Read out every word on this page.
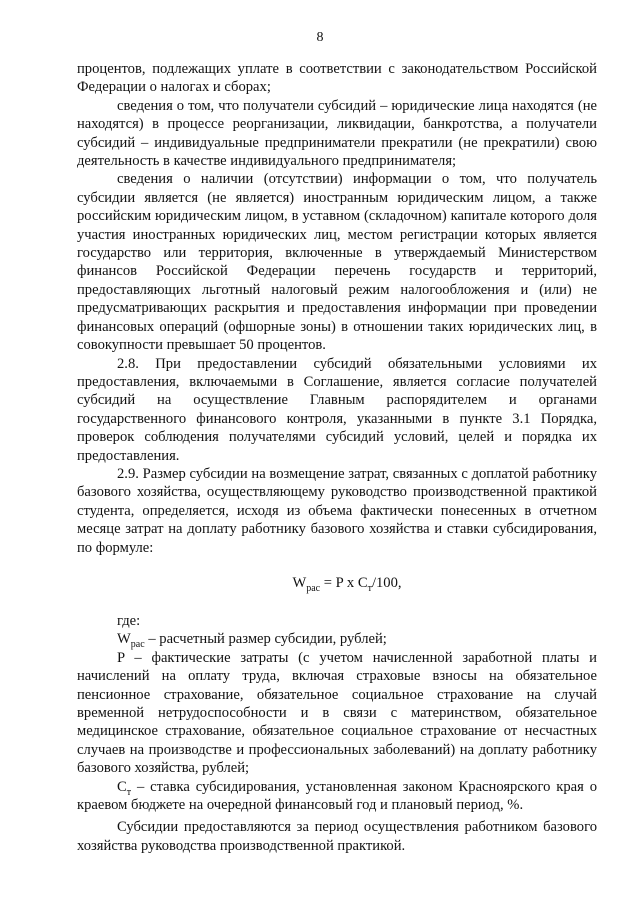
8

процентов, подлежащих уплате в соответствии с законодательством Российской Федерации о налогах и сборах;

сведения о том, что получатели субсидий – юридические лица находятся (не находятся) в процессе реорганизации, ликвидации, банкротства, а получатели субсидий – индивидуальные предприниматели прекратили (не прекратили) свою деятельность в качестве индивидуального предпринимателя;

сведения о наличии (отсутствии) информации о том, что получатель субсидии является (не является) иностранным юридическим лицом, а также российским юридическим лицом, в уставном (складочном) капитале которого доля участия иностранных юридических лиц, местом регистрации которых является государство или территория, включенные в утверждаемый Министерством финансов Российской Федерации перечень государств и территорий, предоставляющих льготный налоговый режим налогообложения и (или) не предусматривающих раскрытия и предоставления информации при проведении финансовых операций (офшорные зоны) в отношении таких юридических лиц, в совокупности превышает 50 процентов.

2.8. При предоставлении субсидий обязательными условиями их предоставления, включаемыми в Соглашение, является согласие получателей субсидий на осуществление Главным распорядителем и органами государственного финансового контроля, указанными в пункте 3.1 Порядка, проверок соблюдения получателями субсидий условий, целей и порядка их предоставления.

2.9. Размер субсидии на возмещение затрат, связанных с доплатой работнику базового хозяйства, осуществляющему руководство производственной практикой студента, определяется, исходя из объема фактически понесенных в отчетном месяце затрат на доплату работнику базового хозяйства и ставки субсидирования, по формуле:

$W_{рас} = P$ x $C_т/100$,

где:

$W_{рас}$ – расчетный размер субсидии, рублей;

P – фактические затраты (с учетом начисленной заработной платы и начислений на оплату труда, включая страховые взносы на обязательное пенсионное страхование, обязательное социальное страхование на случай временной нетрудоспособности и в связи с материнством, обязательное медицинское страхование, обязательное социальное страхование от несчастных случаев на производстве и профессиональных заболеваний) на доплату работнику базового хозяйства, рублей;

$C_т$ – ставка субсидирования, установленная законом Красноярского края о краевом бюджете на очередной финансовый год и плановый период, %.

Субсидии предоставляются за период осуществления работником базового хозяйства руководства производственной практикой.
